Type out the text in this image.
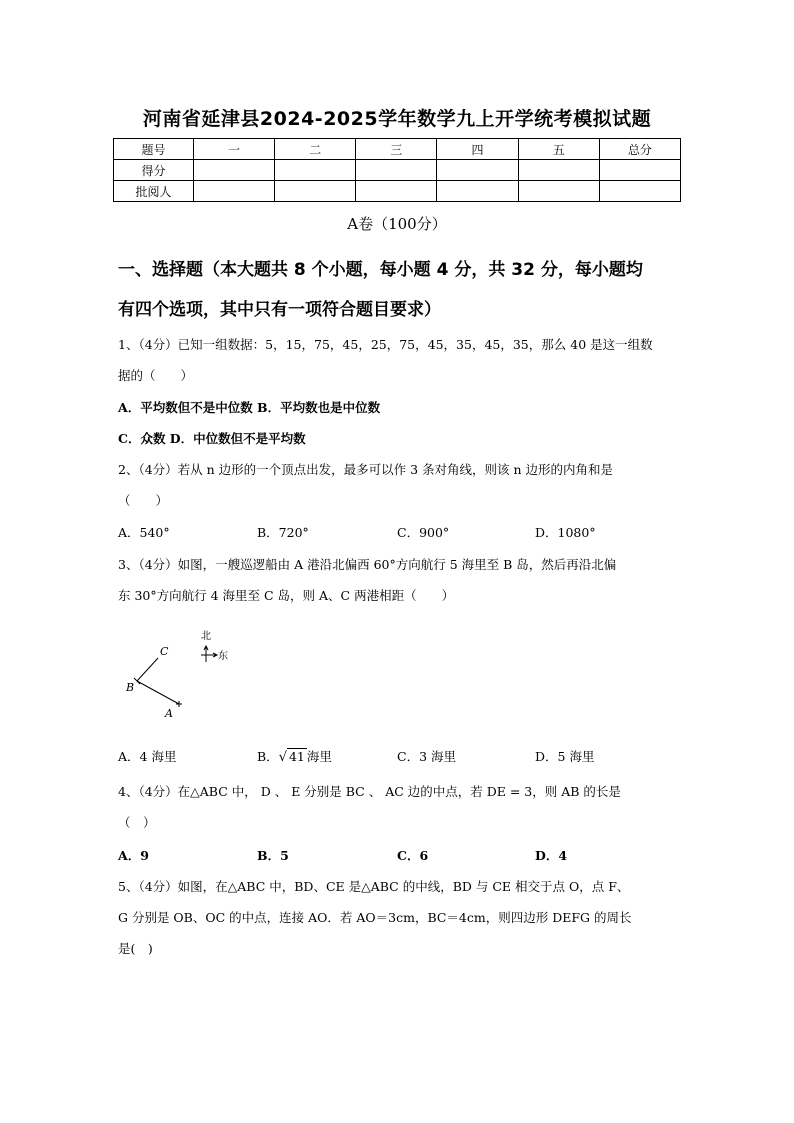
河南省延津县2024-2025学年数学九上开学统考模拟试题
题号	一	二	三	四	五	总分
得分						
批阅人						
A卷（100分）
一、选择题（本大题共 8 个小题，每小题 4 分，共 32 分，每小题均
有四个选项，其中只有一项符合题目要求）
1、（4分）已知一组数据：5，15，75，45，25，75，45，35，45，35，那么 40 是这一组数
据的（　　）
A．平均数但不是中位数 B．平均数也是中位数
C．众数 D．中位数但不是平均数
2、（4分）若从 n 边形的一个顶点出发，最多可以作 3 条对角线，则该 n 边形的内角和是
（　　）
A．540°	B．720°	C．900°	D．1080°
3、（4分）如图，一艘巡逻船由 A 港沿北偏西 60°方向航行 5 海里至 B 岛，然后再沿北偏
东 30°方向航行 4 海里至 C 岛，则 A、C 两港相距（　　）
C
B
A
北
东
A．4 海里	B．√ 41 海里	C．3 海里	D．5 海里
4、（4分）在△ABC 中， D 、 E 分别是 BC 、 AC 边的中点，若 DE = 3，则 AB 的长是
（　）
A．9	B．5	C．6	D．4
5、（4分）如图，在△ABC 中，BD、CE 是△ABC 的中线，BD 与 CE 相交于点 O，点 F、
G 分别是 OB、OC 的中点，连接 AO．若 AO＝3cm，BC＝4cm，则四边形 DEFG 的周长
是(　)
